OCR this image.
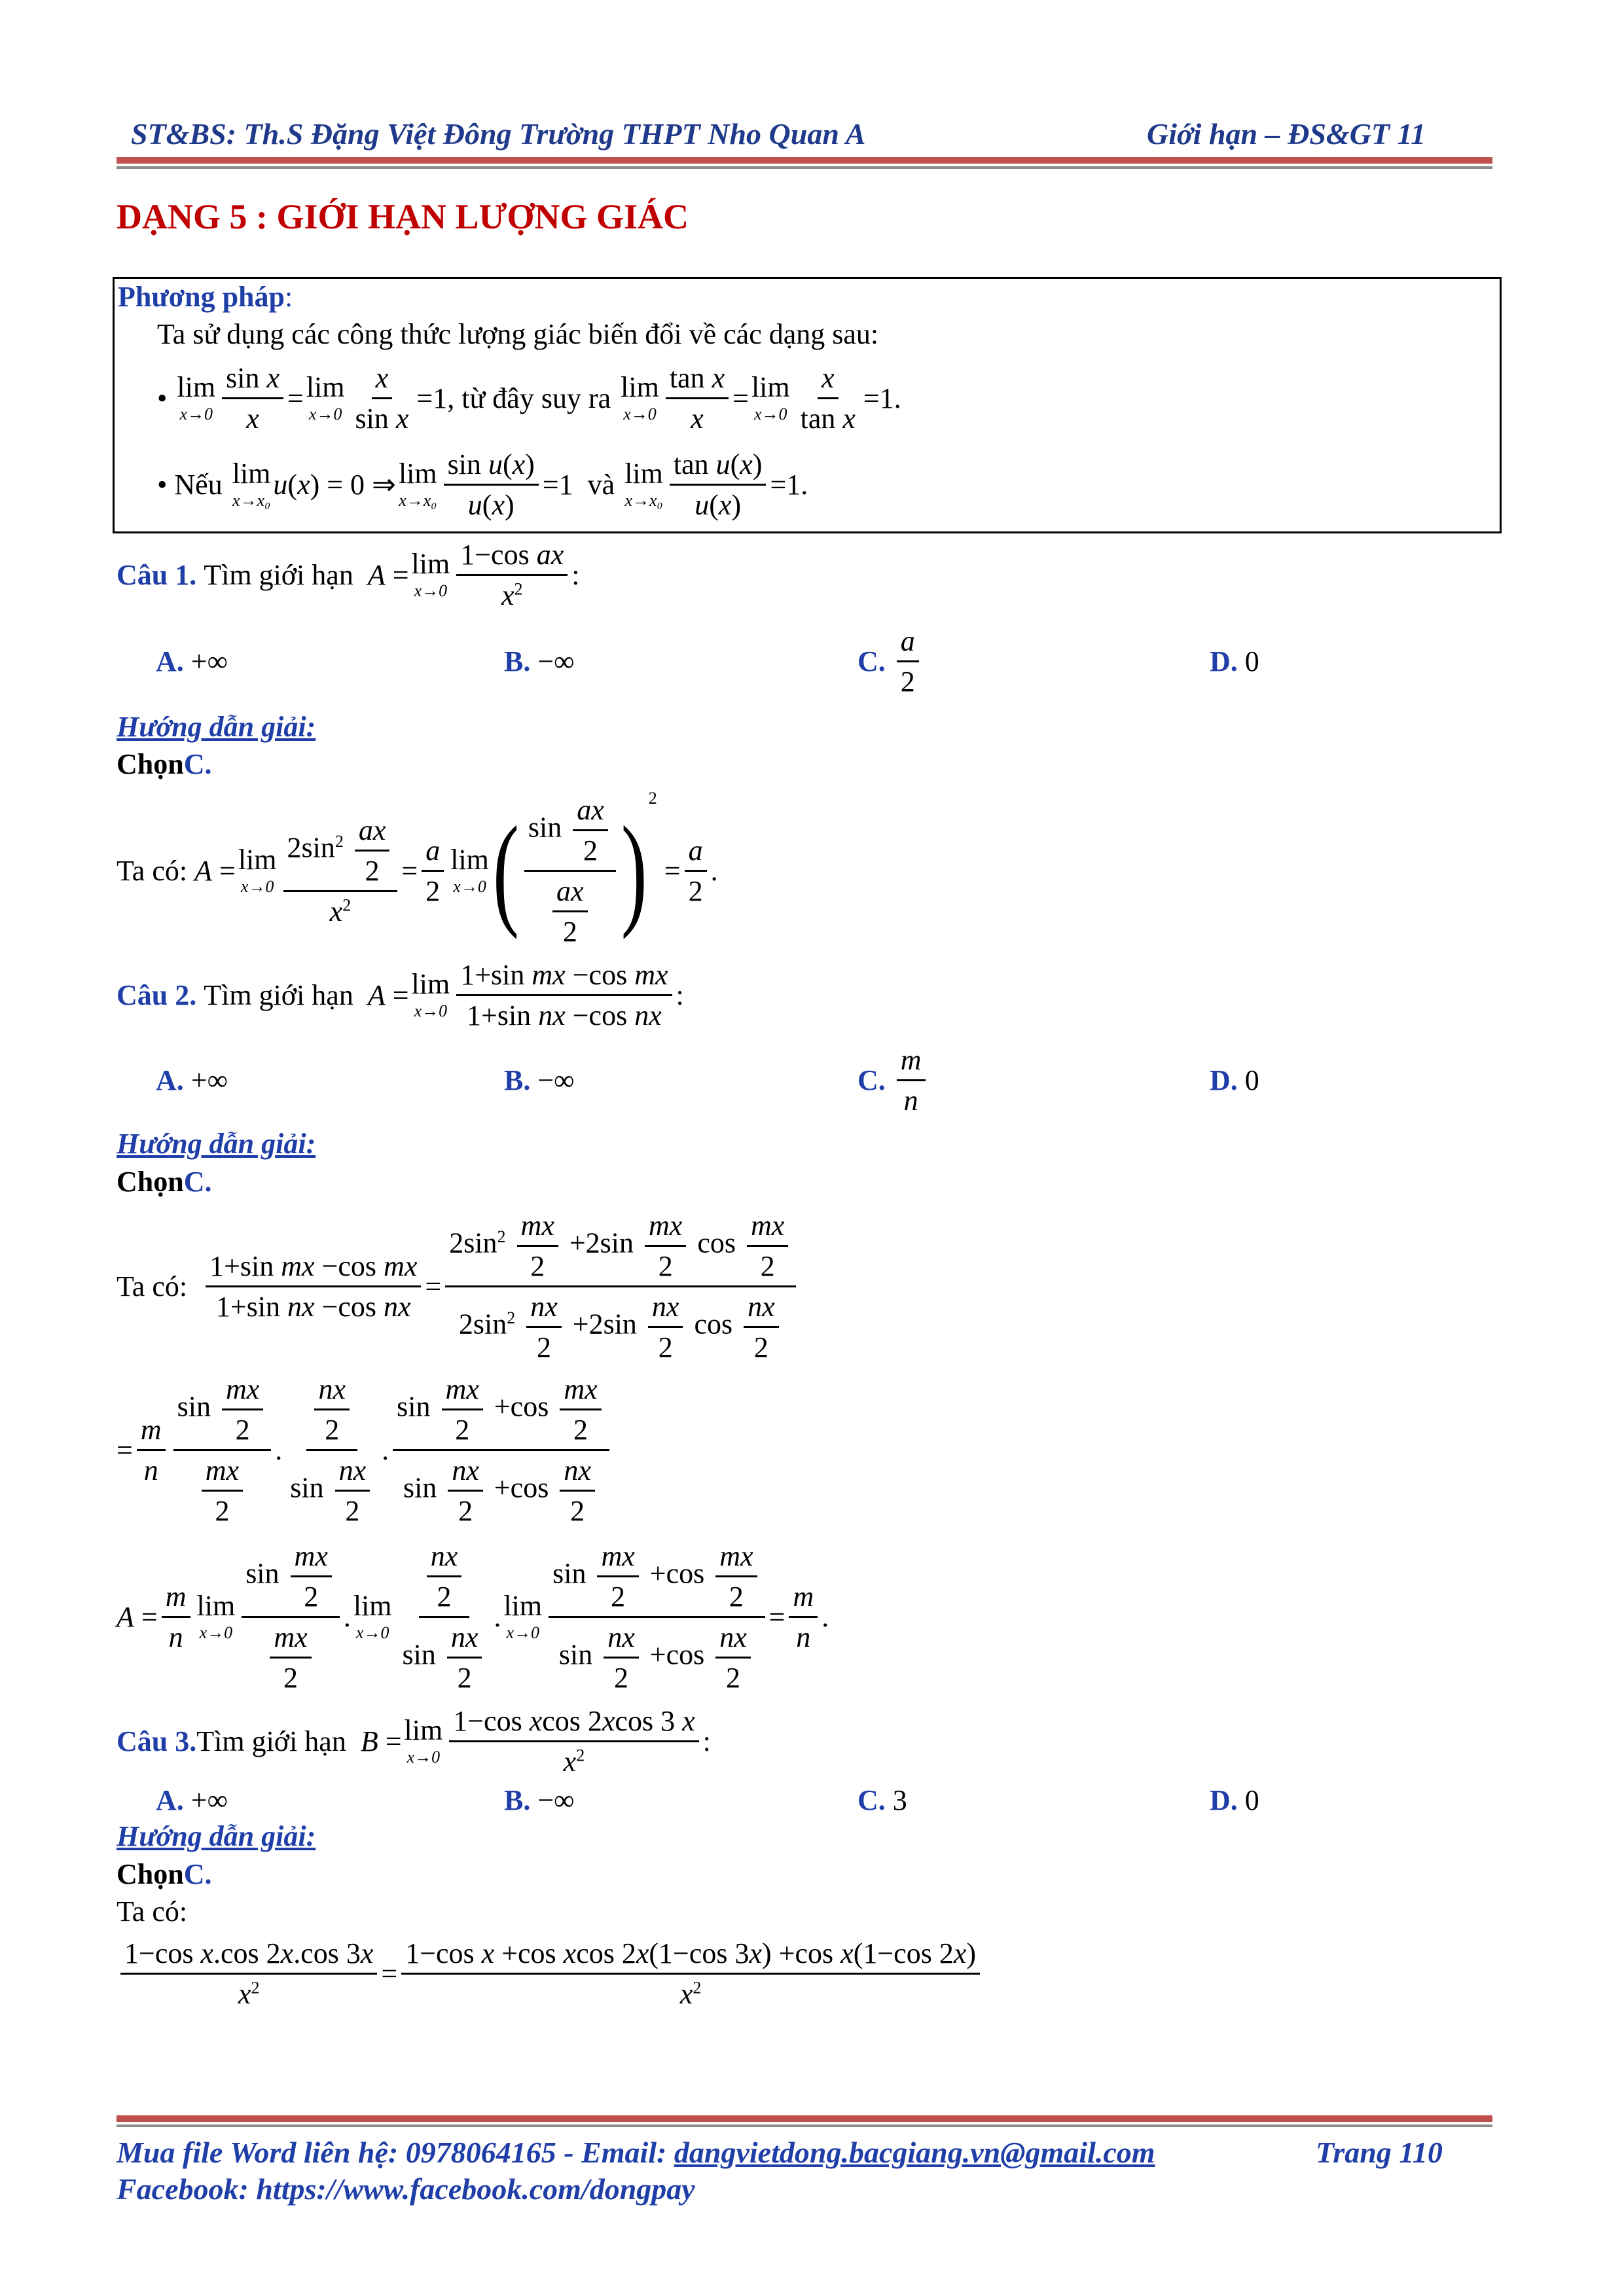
ST&BS: Th.S Đặng Việt Đông Trường THPT Nho Quan A	Giới hạn – ĐS&GT 11
DẠNG 5 : GIỚI HẠN LƯỢNG GIÁC
Phương pháp:
Ta sử dụng các công thức lượng giác biến đổi về các dạng sau:
• lim
$x\to 0 \frac{\text{sin x}}{x} = \lim$
$x\to 0 \frac{x}{\text{sin x}} =1$ , từ đây suy ra
lim
$x\to 0 \frac{\text{tan x}}{x} = \lim$
$x\to 0 \frac{x}{\text{tan x}} =1$.
• Nếu
lim
x→x₀ u(x) = 0 ⇒ lim
$x\to x_0 \frac{\text{sin u(x)}}{u(x)} =1$ và
lim
$x\to x_0 \frac{\text{tan u(x)}}{u(x)} =1$.
Câu 1.
Tìm giới hạn A = lim
$x\to 0 \frac{\text{1−cos ax}}{x^2}$ :
A.
+∞	B.
−∞	C.
$\frac{a}{2}$	D.
0
Hướng dẫn giải:
ChọnC.
Ta có: A = lim
$x\to 0 \frac{2\sin^2 \frac{ax}{2}}{x^2} = \frac{a}{2}$ lim
x→0 ( $\frac{\sin \frac{ax}{2}}{\frac{ax}{2}}$ )
2
= $\frac{a}{2}$ .
Câu 2.
Tìm giới hạn A = lim
$x\to 0 \frac{\text{1+sin mx −cos mx}}{\text{1+sin nx −cos nx}}$ :
A.
+∞	B.
−∞	C.
$\frac{m}{n}$	D.
0
Hướng dẫn giải:
ChọnC.
Ta có:
$\frac{\text{1+sin mx −cos mx}}{\text{1+sin nx −cos nx}} = \frac{2\sin^2 \frac{mx}{2} +2\sin \frac{mx}{2} \cos \frac{mx}{2}}{2\sin^2 \frac{nx}{2} +2\sin \frac{nx}{2} \cos \frac{nx}{2}}$
= $\frac{m}{n} \frac{\sin \frac{mx}{2}}{\frac{mx}{2}}$ . $\frac{\frac{nx}{2}}{\sin \frac{nx}{2}}$ . $\frac{\sin \frac{mx}{2} +\cos \frac{mx}{2}}{\sin \frac{nx}{2} +\cos \frac{nx}{2}}$
$A = \frac{m}{n}$ lim
$x\to 0 \frac{\sin \frac{mx}{2}}{\frac{mx}{2}}$ . lim
$x\to 0 \frac{\frac{nx}{2}}{\sin \frac{nx}{2}}$ . lim
$x\to 0 \frac{\sin \frac{mx}{2} +\cos \frac{mx}{2}}{\sin \frac{nx}{2} +\cos \frac{nx}{2}} = \frac{m}{n}$ .
Câu 3. Tìm giới hạn B = lim
$x\to 0 \frac{\text{1−cos xcos 2xcos 3 x}}{x^2}$ :
A.
+∞	B.
−∞	C.
3	D.
0
Hướng dẫn giải:
ChọnC.
Ta có:
$\frac{\text{1−cos x.cos 2x.cos 3x}}{x^2} = \frac{\text{1−cos x +cos xcos 2x(1−cos 3x) +cos x(1−cos 2x)}}{x^2}$
Mua file Word liên hệ: 0978064165 - Email: dangvietdong.bacgiang.vn@gmail.com	Trang 110
Facebook: https://www.facebook.com/dongpay
